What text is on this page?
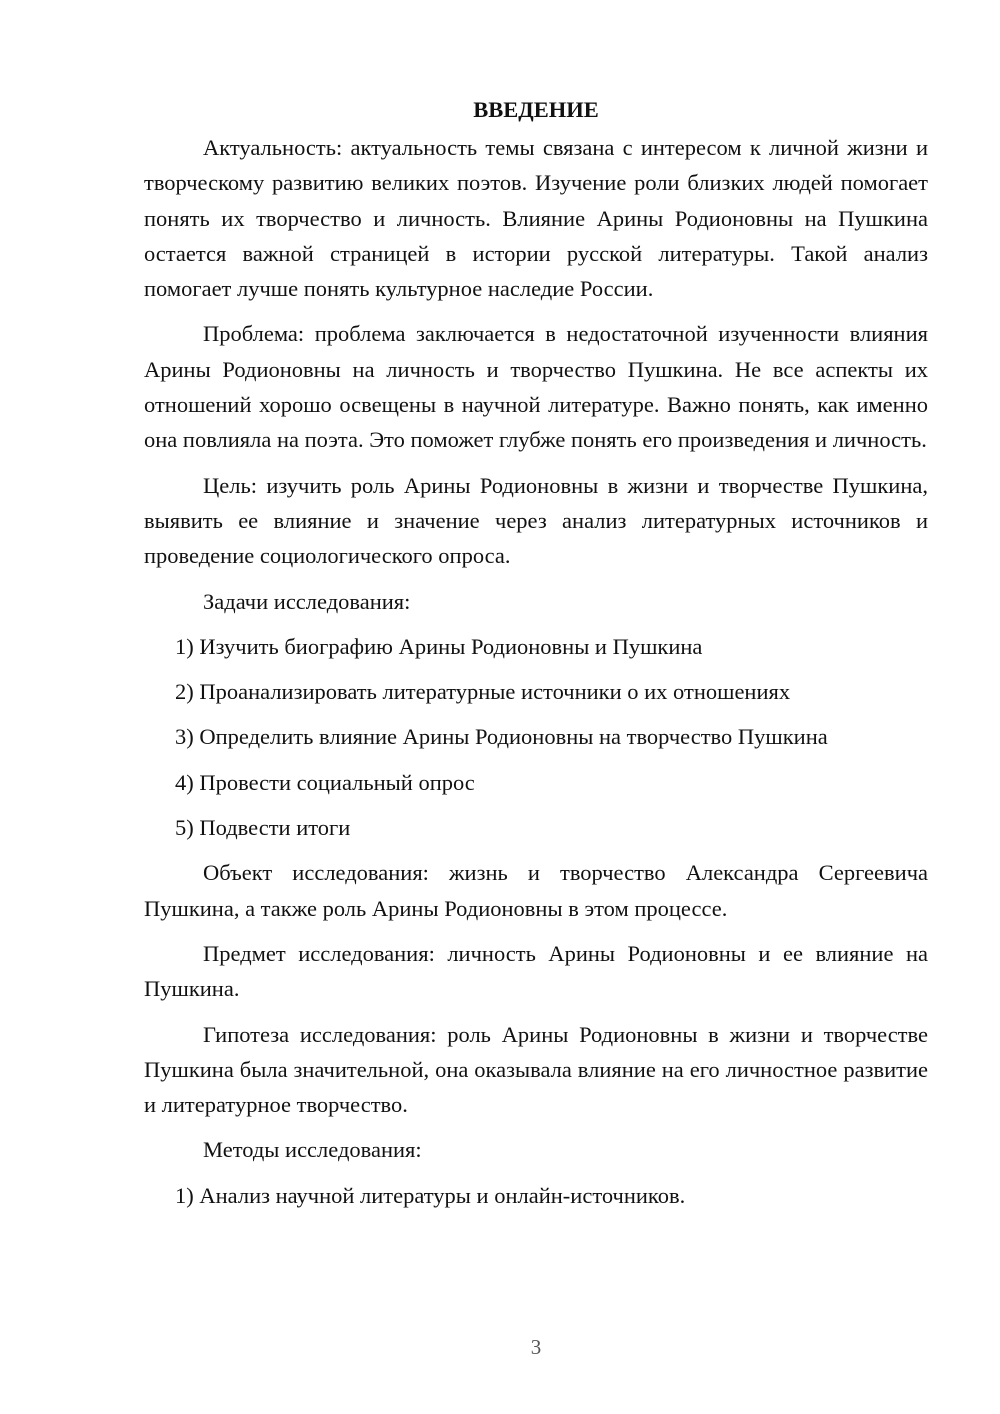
ВВЕДЕНИЕ

Актуальность: актуальность темы связана с интересом к личной жизни и творческому развитию великих поэтов. Изучение роли близких людей помогает понять их творчество и личность. Влияние Арины Родионовны на Пушкина остается важной страницей в истории русской литературы. Такой анализ помогает лучше понять культурное наследие России.

Проблема: проблема заключается в недостаточной изученности влияния Арины Родионовны на личность и творчество Пушкина. Не все аспекты их отношений хорошо освещены в научной литературе. Важно понять, как именно она повлияла на поэта. Это поможет глубже понять его произведения и личность.

Цель: изучить роль Арины Родионовны в жизни и творчестве Пушкина, выявить ее влияние и значение через анализ литературных источников и проведение социологического опроса.

Задачи исследования:

1) Изучить биографию Арины Родионовны и Пушкина
2) Проанализировать литературные источники о их отношениях
3) Определить влияние Арины Родионовны на творчество Пушкина
4) Провести социальный опрос
5) Подвести итоги

Объект исследования: жизнь и творчество Александра Сергеевича Пушкина, а также роль Арины Родионовны в этом процессе.

Предмет исследования: личность Арины Родионовны и ее влияние на Пушкина.

Гипотеза исследования: роль Арины Родионовны в жизни и творчестве Пушкина была значительной, она оказывала влияние на его личностное развитие и литературное творчество.

Методы исследования:

1) Анализ научной литературы и онлайн-источников.
3
